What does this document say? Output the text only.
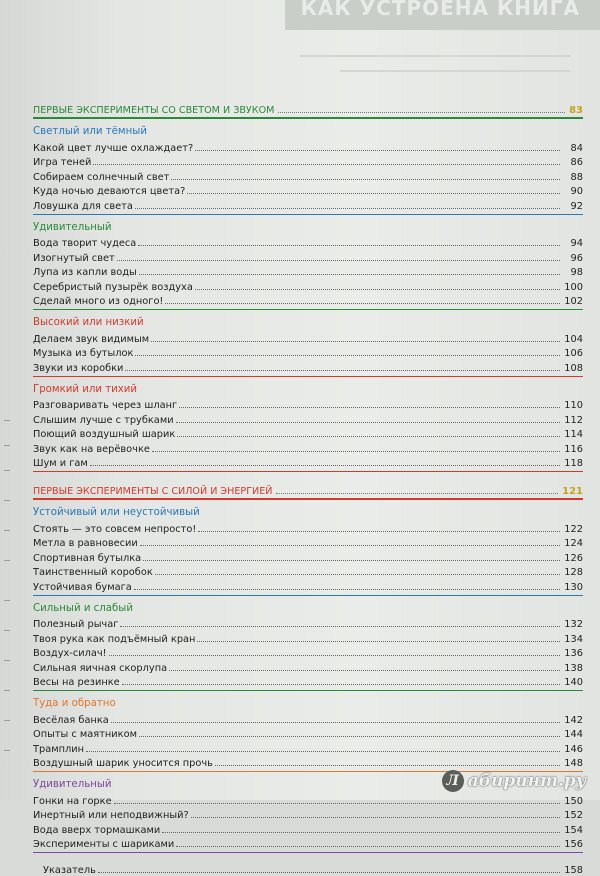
КАК УСТРОЕНА КНИГА
ПЕРВЫЕ ЭКСПЕРИМЕНТЫ СО СВЕТОМ И ЗВУКОМ	83
Светлый или тёмный
Какой цвет лучше охлаждает?	84
Игра теней	86
Собираем солнечный свет	88
Куда ночью деваются цвета?	90
Ловушка для света	92
Удивительный
Вода творит чудеса	94
Изогнутый свет	96
Лупа из капли воды	98
Серебристый пузырёк воздуха	100
Сделай много из одного!	102
Высокий или низкий
Делаем звук видимым	104
Музыка из бутылок	106
Звуки из коробки	108
Громкий или тихий
Разговаривать через шланг	110
Слышим лучше с трубками	112
Поющий воздушный шарик	114
Звук как на верёвочке	116
Шум и гам	118
ПЕРВЫЕ ЭКСПЕРИМЕНТЫ С СИЛОЙ И ЭНЕРГИЕЙ	121
Устойчивый или неустойчивый
Стоять — это совсем непросто!	122
Метла в равновесии	124
Спортивная бутылка	126
Таинственный коробок	128
Устойчивая бумага	130
Сильный и слабый
Полезный рычаг	132
Твоя рука как подъёмный кран	134
Воздух-силач!	136
Сильная яичная скорлупа	138
Весы на резинке	140
Туда и обратно
Весёлая банка	142
Опыты с маятником	144
Трамплин	146
Воздушный шарик уносится прочь	148
Удивительный
Гонки на горке	150
Инертный или неподвижный?	152
Вода вверх тормашками	154
Эксперименты с шариками	156
Указатель	158
Л абиринт.ру
